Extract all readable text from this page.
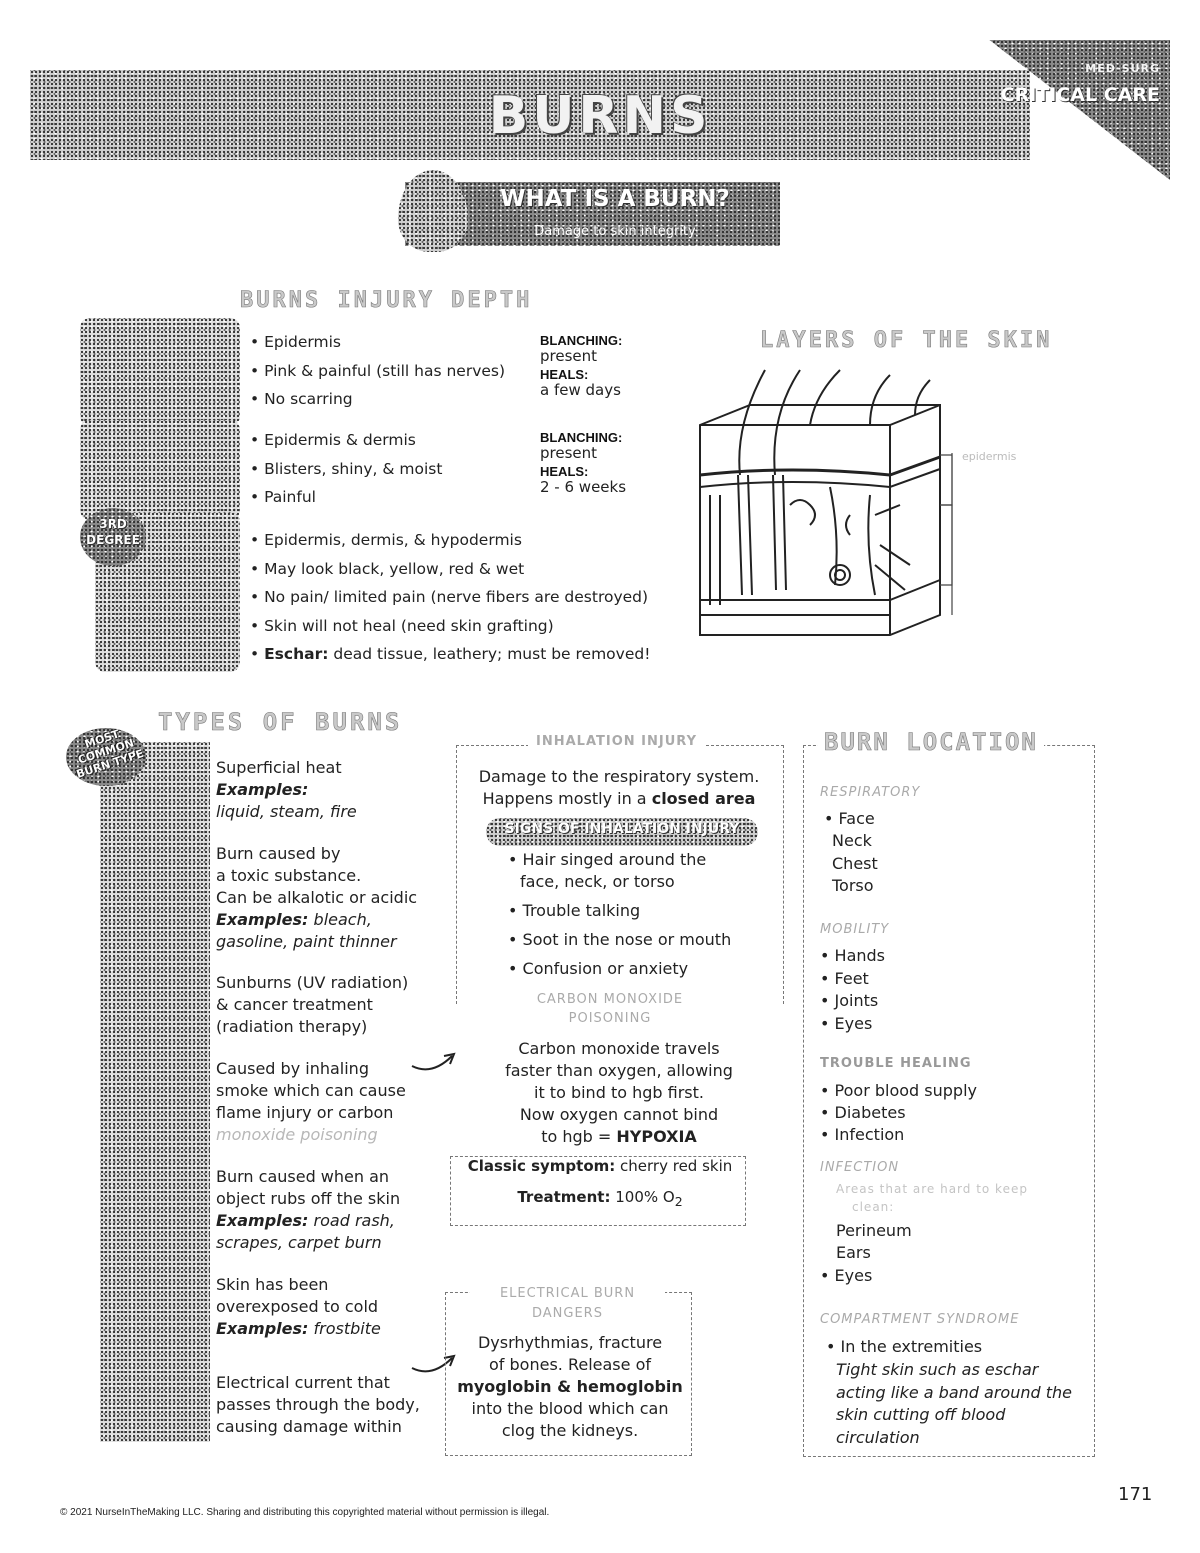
BURNS
MED-SURG
CRITICAL CARE
WHAT IS A BURN?
Damage to skin integrity
BURNS INJURY DEPTH
3RD DEGREE
• Epidermis
• Pink & painful (still has nerves)
• No scarring
BLANCHING:
present
HEALS:
a few days
• Epidermis & dermis
• Blisters, shiny, & moist
• Painful
BLANCHING:
present
HEALS:
2 - 6 weeks
• Epidermis, dermis, & hypodermis
• May look black, yellow, red & wet
• No pain/ limited pain (nerve fibers are destroyed)
• Skin will not heal (need skin grafting)
• Eschar: dead tissue, leathery; must be removed!
LAYERS OF THE SKIN
epidermis
TYPES OF BURNS
MOST COMMON BURN TYPE	Superficial heat
Examples:
liquid, steam, fire
Burn caused by
a toxic substance.
Can be alkalotic or acidic
Examples: bleach,
gasoline, paint thinner
Sunburns (UV radiation)
& cancer treatment
(radiation therapy)
Caused by inhaling
smoke which can cause
flame injury or carbon
monoxide poisoning
Burn caused when an
object rubs off the skin
Examples: road rash,
scrapes, carpet burn
Skin has been
overexposed to cold
Examples: frostbite
Electrical current that
passes through the body,
causing damage within
INHALATION INJURY
Damage to the respiratory system.
Happens mostly in a closed area
SIGNS OF INHALATION INJURY
• Hair singed around the
face, neck, or torso
• Trouble talking
• Soot in the nose or mouth
• Confusion or anxiety
CARBON MONOXIDE
POISONING
Carbon monoxide travels
faster than oxygen, allowing
it to bind to hgb first.
Now oxygen cannot bind
to hgb = HYPOXIA
Classic symptom: cherry red skin
Treatment: 100% $O_2$
ELECTRICAL BURN
DANGERS
Dysrhythmias, fracture
of bones. Release of
myoglobin & hemoglobin
into the blood which can
clog the kidneys.
BURN LOCATION
RESPIRATORY
• Face
Neck
Chest
Torso
MOBILITY
• Hands
• Feet
• Joints
• Eyes
TROUBLE HEALING
• Poor blood supply
• Diabetes
• Infection
INFECTION
Areas that are hard to keep
clean:
Perineum
Ears
• Eyes
COMPARTMENT SYNDROME
• In the extremities
Tight skin such as eschar acting like a band around the skin cutting off blood circulation
171
© 2021 NurseInTheMaking LLC. Sharing and distributing this copyrighted material without permission is illegal.
